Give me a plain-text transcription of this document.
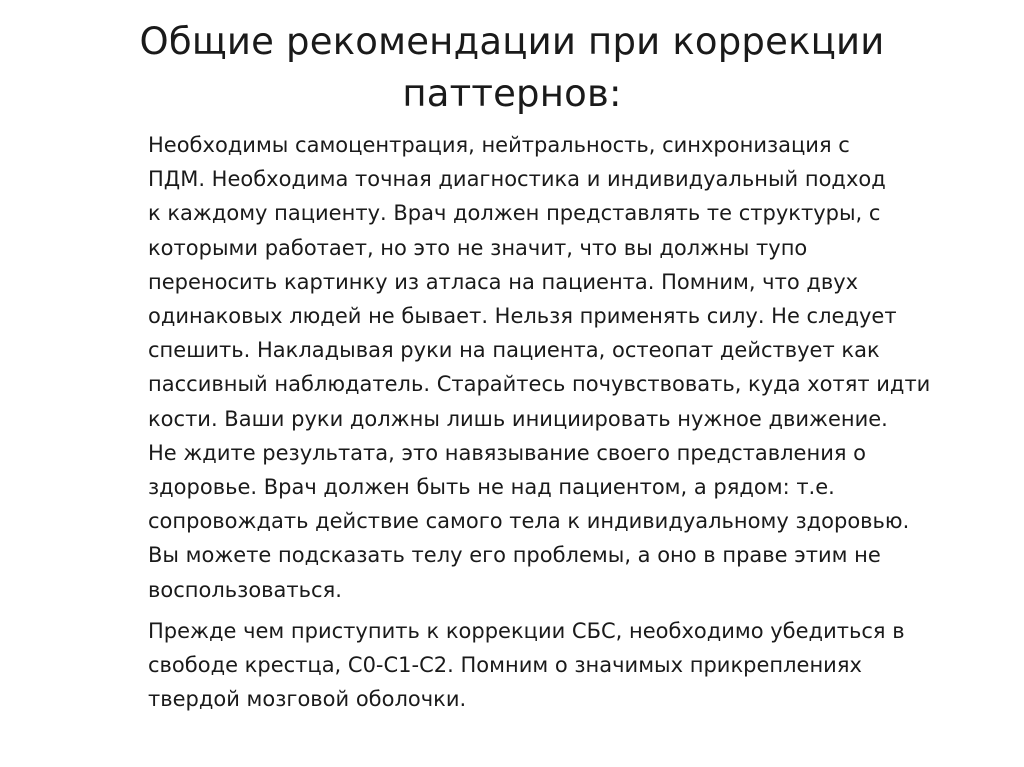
Общие рекомендации при коррекции
паттернов:

Необходимы самоцентрация, нейтральность, синхронизация с
ПДМ. Необходима точная диагностика и индивидуальный подход
к каждому пациенту. Врач должен представлять те структуры, с
которыми работает, но это не значит, что вы должны тупо
переносить картинку из атласа на пациента. Помним, что двух
одинаковых людей не бывает. Нельзя применять силу. Не следует
спешить. Накладывая руки на пациента, остеопат действует как
пассивный наблюдатель. Старайтесь почувствовать, куда хотят идти
кости. Ваши руки должны лишь инициировать нужное движение.
Не ждите результата, это навязывание своего представления о
здоровье. Врач должен быть не над пациентом, а рядом: т.е.
сопровождать действие самого тела к индивидуальному здоровью.
Вы можете подсказать телу его проблемы, а оно в праве этим не
воспользоваться.

Прежде чем приступить к коррекции СБС, необходимо убедиться в
свободе крестца, С0-С1-С2. Помним о значимых прикреплениях
твердой мозговой оболочки.
